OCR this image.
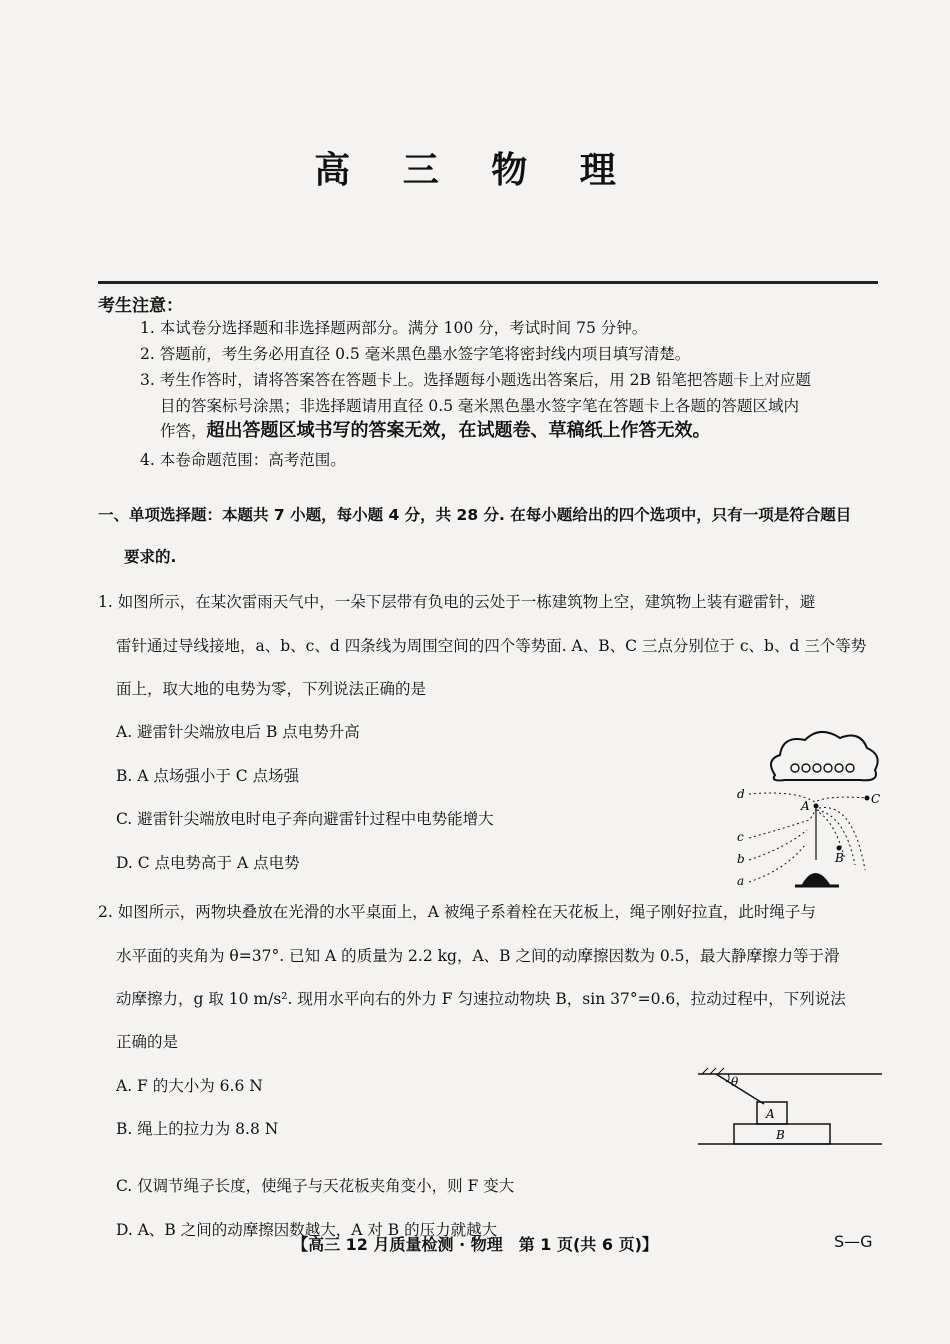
高 三 物 理
考生注意：
1. 本试卷分选择题和非选择题两部分。满分 100 分，考试时间 75 分钟。
2. 答题前，考生务必用直径 0.5 毫米黑色墨水签字笔将密封线内项目填写清楚。
3. 考生作答时，请将答案答在答题卡上。选择题每小题选出答案后，用 2B 铅笔把答题卡上对应题
目的答案标号涂黑；非选择题请用直径 0.5 毫米黑色墨水签字笔在答题卡上各题的答题区域内
作答，超出答题区域书写的答案无效，在试题卷、草稿纸上作答无效。
4. 本卷命题范围：高考范围。
一、单项选择题：本题共 7 小题，每小题 4 分，共 28 分. 在每小题给出的四个选项中，只有一项是符合题目
要求的.
1. 如图所示，在某次雷雨天气中，一朵下层带有负电的云处于一栋建筑物上空，建筑物上装有避雷针，避
雷针通过导线接地，a、b、c、d 四条线为周围空间的四个等势面. A、B、C 三点分别位于 c、b、d 三个等势
面上，取大地的电势为零，下列说法正确的是
A. 避雷针尖端放电后 B 点电势升高
B. A 点场强小于 C 点场强
C. 避雷针尖端放电时电子奔向避雷针过程中电势能增大
D. C 点电势高于 A 点电势
d
c
b
a
A
B
C
2. 如图所示，两物块叠放在光滑的水平桌面上，A 被绳子系着栓在天花板上，绳子刚好拉直，此时绳子与
水平面的夹角为 θ=37°. 已知 A 的质量为 2.2 kg，A、B 之间的动摩擦因数为 0.5，最大静摩擦力等于滑
动摩擦力，g 取 10 m/s². 现用水平向右的外力 F 匀速拉动物块 B，sin 37°=0.6，拉动过程中，下列说法
正确的是
A. F 的大小为 6.6 N
B. 绳上的拉力为 8.8 N
C. 仅调节绳子长度，使绳子与天花板夹角变小，则 F 变大
D. A、B 之间的动摩擦因数越大，A 对 B 的压力就越大
θ
A
B
【高三 12 月质量检测 · 物理　第 1 页(共 6 页)】	S—G
